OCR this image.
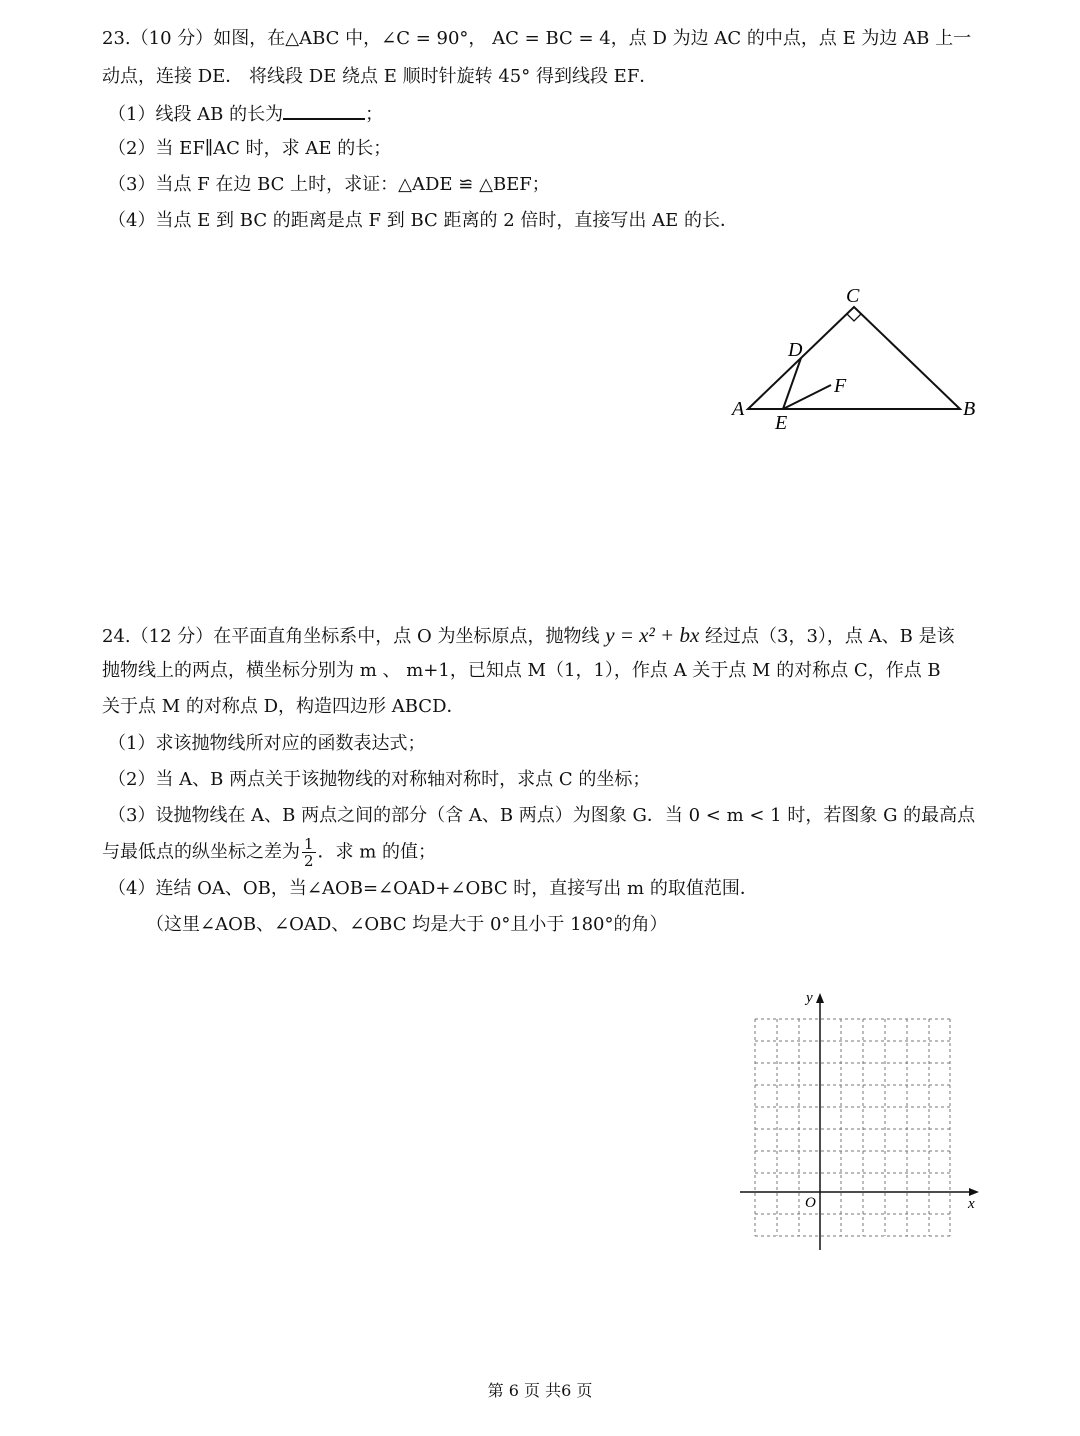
23.（10 分）如图，在△ABC 中，∠C = 90°， AC = BC = 4，点 D 为边 AC 的中点，点 E 为边 AB 上一
动点，连接 DE． 将线段 DE 绕点 E 顺时针旋转 45° 得到线段 EF．
（1）线段 AB 的长为	；
（2）当 EF∥AC 时，求 AE 的长；
（3）当点 F 在边 BC 上时，求证：△ADE ≌ △BEF；
（4）当点 E 到 BC 的距离是点 F 到 BC 距离的 2 倍时，直接写出 AE 的长．
C
D
F
A
E
B
24.（12 分）在平面直角坐标系中，点 O 为坐标原点，抛物线 y = x² + bx 经过点（3，3），点 A、B 是该
抛物线上的两点，横坐标分别为 m 、 m+1，已知点 M（1，1），作点 A 关于点 M 的对称点 C，作点 B
关于点 M 的对称点 D，构造四边形 ABCD．
（1）求该抛物线所对应的函数表达式；
（2）当 A、B 两点关于该抛物线的对称轴对称时，求点 C 的坐标；
（3）设抛物线在 A、B 两点之间的部分（含 A、B 两点）为图象 G．当 0 < m < 1 时，若图象 G 的最高点
与最低点的纵坐标之差为 $\frac{1}{2}$ ．求 m 的值；
（4）连结 OA、OB，当∠AOB=∠OAD+∠OBC 时，直接写出 m 的取值范围．
（这里∠AOB、∠OAD、∠OBC 均是大于 0°且小于 180°的角）
y
x
O
第 6 页 共6 页
